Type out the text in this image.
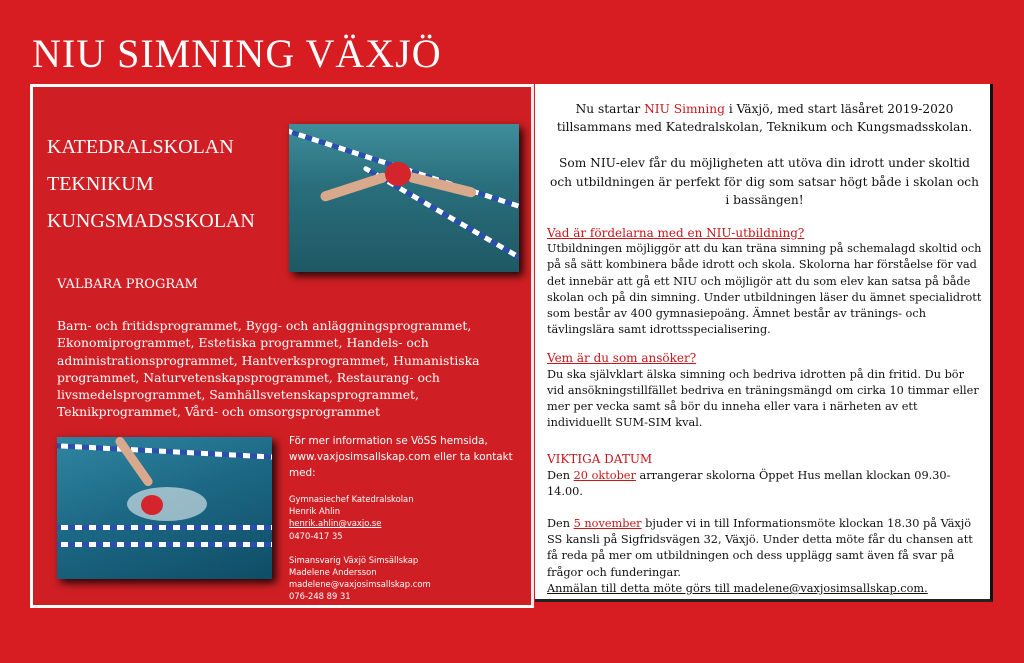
NIU SIMNING VÄXJÖ
KATEDRALSKOLAN
TEKNIKUM
KUNGSMADSSKOLAN
VALBARA PROGRAM
Barn- och fritidsprogrammet, Bygg- och anläggningsprogrammet, Ekonomiprogrammet, Estetiska programmet, Handels- och administrationsprogrammet, Hantverksprogrammet, Humanistiska programmet, Naturvetenskapsprogrammet, Restaurang- och livsmedelsprogrammet, Samhällsvetenskapsprogrammet, Teknikprogrammet, Vård- och omsorgsprogrammet
För mer information se VöSS hemsida, www.vaxjosimsallskap.com eller ta kontakt med:
Gymnasiechef Katedralskolan
Henrik Ahlin
henrik.ahlin@vaxjo.se
0470-417 35
Simansvarig Växjö Simsällskap
Madelene Andersson
madelene@vaxjosimsallskap.com
076-248 89 31

Nu startar NIU Simning i Växjö, med start läsåret 2019-2020 tillsammans med Katedralskolan, Teknikum och Kungsmadsskolan.

Som NIU-elev får du möjligheten att utöva din idrott under skoltid och utbildningen är perfekt för dig som satsar högt både i skolan och i bassängen!

Vad är fördelarna med en NIU-utbildning?

Utbildningen möjliggör att du kan träna simning på schemalagd skoltid och på så sätt kombinera både idrott och skola. Skolorna har förståelse för vad det innebär att gå ett NIU och möjligör att du som elev kan satsa på både skolan och på din simning. Under utbildningen läser du ämnet specialidrott som består av 400 gymnasiepoäng. Ämnet består av tränings- och tävlingslära samt idrottsspecialisering.

Vem är du som ansöker?

Du ska självklart älska simning och bedriva idrotten på din fritid. Du bör vid ansökningstillfället bedriva en träningsmängd om cirka 10 timmar eller mer per vecka samt så bör du inneha eller vara i närheten av ett individuellt SUM-SIM kval.

VIKTIGA DATUM

Den 20 oktober arrangerar skolorna Öppet Hus mellan klockan 09.30-14.00.

Den 5 november bjuder vi in till Informationsmöte klockan 18.30 på Växjö SS kansli på Sigfridsvägen 32, Växjö. Under detta möte får du chansen att få reda på mer om utbildningen och dess upplägg samt även få svar på frågor och funderingar.

Anmälan till detta möte görs till madelene@vaxjosimsallskap.com.
